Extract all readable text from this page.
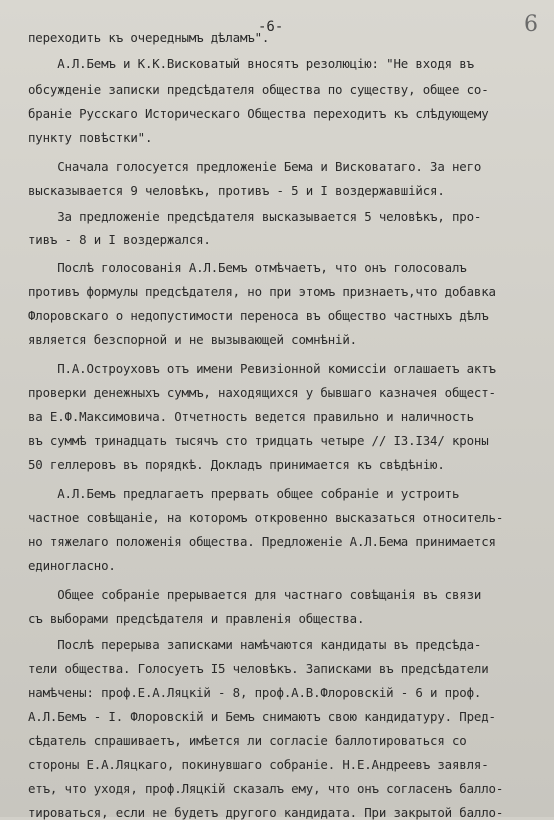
-6-	6
переходить къ очереднымъ дѣламъ".
А.Л.Бемъ и К.К.Висковатый вносятъ резолюцію: "Не входя въ
обсужденіе записки предсѣдателя общества по существу, общее со-
браніе Русскаго Историческаго Общества переходитъ къ слѣдующему
пункту повѣстки".
Сначала голосуется предложеніе Бема и Висковатаго. За него
высказывается 9 человѣкъ, противъ - 5 и I воздержавшійся.
За предложеніе предсѣдателя высказывается 5 человѣкъ, про-
тивъ - 8 и I воздержался.
Послѣ голосованія А.Л.Бемъ отмѣчаетъ, что онъ голосовалъ
противъ формулы предсѣдателя, но при этомъ признаетъ,что добавка
Флоровскаго о недопустимости переноса въ общество частныхъ дѣлъ
является безспорной и не вызывающей сомнѣній.
П.А.Остроуховъ отъ имени Ревизіонной комиссіи оглашаетъ актъ
проверки денежныхъ суммъ, находящихся у бывшаго казначея общест-
ва Е.Ф.Максимовича. Отчетность ведется правильно и наличность
въ суммѣ тринадцать тысячъ сто тридцать четыре // I3.I34/ кроны
50 геллеровъ въ порядкѣ. Докладъ принимается къ свѣдѣнію.
А.Л.Бемъ предлагаетъ прервать общее собраніе и устроить
частное совѣщаніе, на которомъ откровенно высказаться относитель-
но тяжелаго положенія общества. Предложеніе А.Л.Бема принимается
единогласно.
Общее собраніе прерывается для частнаго совѣщанія въ связи
съ выборами предсѣдателя и правленія общества.
Послѣ перерыва записками намѣчаются кандидаты въ предсѣда-
тели общества. Голосуетъ I5 человѣкъ. Записками въ предсѣдатели
намѣчены: проф.Е.А.Ляцкій - 8, проф.А.В.Флоровскій - 6 и проф.
А.Л.Бемъ - I. Флоровскій и Бемъ снимаютъ свою кандидатуру. Пред-
сѣдатель спрашиваетъ, имѣется ли согласіе баллотироваться со
стороны Е.А.Ляцкаго, покинувшаго собраніе. Н.Е.Андреевъ заявля-
етъ, что уходя, проф.Ляцкій сказалъ ему, что онъ согласенъ балло-
тироваться, если не будетъ другого кандидата. При закрытой балло-
